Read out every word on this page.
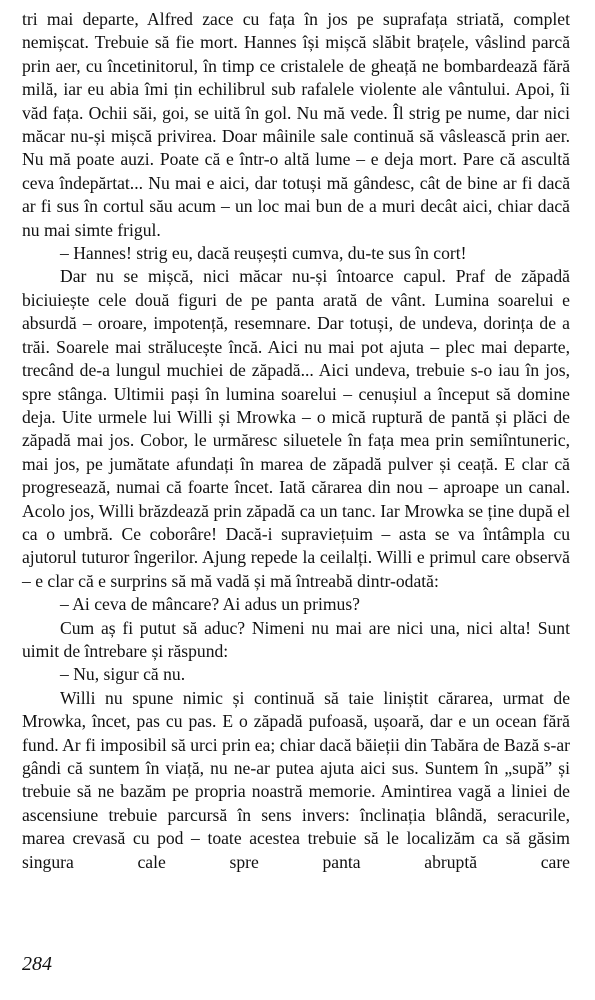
tri mai departe, Alfred zace cu fața în jos pe suprafața striată, complet nemișcat. Trebuie să fie mort. Hannes își mișcă slăbit brațele, vâslind parcă prin aer, cu încetinitorul, în timp ce cristalele de gheață ne bombardează fără milă, iar eu abia îmi țin echilibrul sub rafalele violente ale vântului. Apoi, îi văd fața. Ochii săi, goi, se uită în gol. Nu mă vede. Îl strig pe nume, dar nici măcar nu-și mișcă privirea. Doar mâinile sale continuă să vâslească prin aer. Nu mă poate auzi. Poate că e într-o altă lume – e deja mort. Pare că ascultă ceva îndepărtat... Nu mai e aici, dar totuși mă gândesc, cât de bine ar fi dacă ar fi sus în cortul său acum – un loc mai bun de a muri decât aici, chiar dacă nu mai simte frigul.

– Hannes! strig eu, dacă reușești cumva, du-te sus în cort!

Dar nu se mișcă, nici măcar nu-și întoarce capul. Praf de zăpadă biciuiește cele două figuri de pe panta arată de vânt. Lumina soarelui e absurdă – oroare, impotență, resemnare. Dar totuși, de undeva, dorința de a trăi. Soarele mai strălucește încă. Aici nu mai pot ajuta – plec mai departe, trecând de-a lungul muchiei de zăpadă... Aici undeva, trebuie s-o iau în jos, spre stânga. Ultimii pași în lumina soarelui – cenușiul a început să domine deja. Uite urmele lui Willi și Mrowka – o mică ruptură de pantă și plăci de zăpadă mai jos. Cobor, le urmăresc siluetele în fața mea prin semiîntuneric, mai jos, pe jumătate afundați în marea de zăpadă pulver și ceață. E clar că progresează, numai că foarte încet. Iată cărarea din nou – aproape un canal. Acolo jos, Willi brăzdează prin zăpadă ca un tanc. Iar Mrowka se ține după el ca o umbră. Ce coborâre! Dacă-i supraviețuim – asta se va întâmpla cu ajutorul tuturor îngerilor. Ajung repede la ceilalți. Willi e primul care observă – e clar că e surprins să mă vadă și mă întreabă dintr-odată:

– Ai ceva de mâncare? Ai adus un primus?

Cum aș fi putut să aduc? Nimeni nu mai are nici una, nici alta! Sunt uimit de întrebare și răspund:

– Nu, sigur că nu.

Willi nu spune nimic și continuă să taie liniștit cărarea, urmat de Mrowka, încet, pas cu pas. E o zăpadă pufoasă, ușoară, dar e un ocean fără fund. Ar fi imposibil să urci prin ea; chiar dacă băieții din Tabăra de Bază s-ar gândi că suntem în viață, nu ne-ar putea ajuta aici sus. Suntem în „supă” și trebuie să ne bazăm pe propria noastră memorie. Amintirea vagă a liniei de ascensiune trebuie parcursă în sens invers: înclinația blândă, seracurile, marea crevasă cu pod – toate acestea trebuie să le localizăm ca să găsim singura cale spre panta abruptă care

284
